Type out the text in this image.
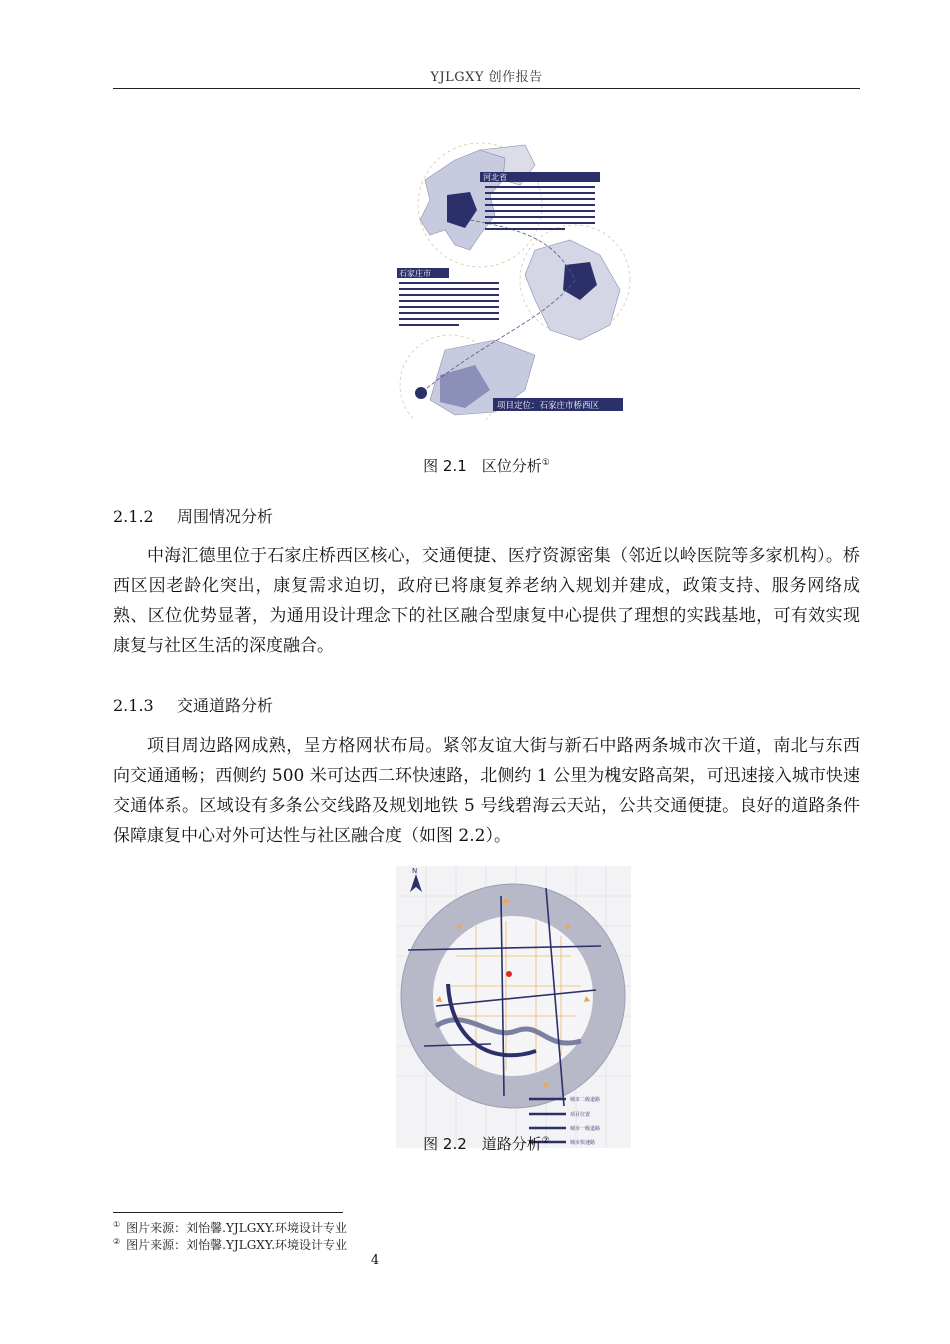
YJLGXY 创作报告
河北省
石家庄市
项目定位：石家庄市桥西区
图 2.1　区位分析①
2.1.2 周围情况分析
中海汇德里位于石家庄桥西区核心，交通便捷、医疗资源密集（邻近以岭医院等多家机构）。桥西区因老龄化突出，康复需求迫切，政府已将康复养老纳入规划并建成，政策支持、服务网络成熟、区位优势显著，为通用设计理念下的社区融合型康复中心提供了理想的实践基地，可有效实现康复与社区生活的深度融合。
2.1.3 交通道路分析
项目周边路网成熟，呈方格网状布局。紧邻友谊大街与新石中路两条城市次干道，南北与东西向交通通畅；西侧约 500 米可达西二环快速路，北侧约 1 公里为槐安路高架，可迅速接入城市快速交通体系。区域设有多条公交线路及规划地铁 5 号线碧海云天站，公共交通便捷。良好的道路条件保障康复中心对外可达性与社区融合度（如图 2.2）。
N
城市二级道路
项目位置
城市一级道路
城市快速路
图 2.2　道路分析②
① 图片来源：刘怡馨.YJLGXY.环境设计专业
② 图片来源：刘怡馨.YJLGXY.环境设计专业
4
